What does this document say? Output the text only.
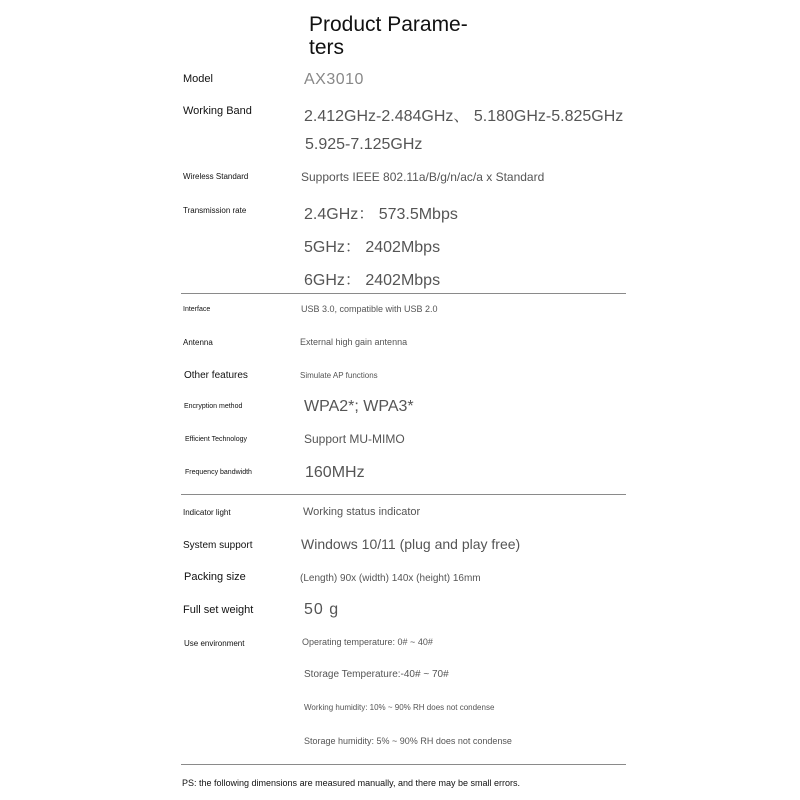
Product Parame-
ters
Model	AX3010
Working Band	2.412GHz-2.484GHz、 5.180GHz-5.825GHz
5.925-7.125GHz
Wireless Standard	Supports IEEE 802.11a/B/g/n/ac/a x Standard
Transmission rate	2.4GHz： 573.5Mbps
5GHz： 2402Mbps
6GHz： 2402Mbps
Interface	USB 3.0, compatible with USB 2.0
Antenna	External high gain antenna
Other features	Simulate AP functions
Encryption method	WPA2*; WPA3*
Efficient Technology	Support MU-MIMO
Frequency bandwidth	160MHz
Indicator light	Working status indicator
System support	Windows 10/11 (plug and play free)
Packing size	(Length) 90x (width) 140x (height) 16mm
Full set weight	50 g
Use environment	Operating temperature: 0# ~ 40#
Storage Temperature:-40# ~ 70#
Working humidity: 10% ~ 90% RH does not condense
Storage humidity: 5% ~ 90% RH does not condense
PS: the following dimensions are measured manually, and there may be small errors.
